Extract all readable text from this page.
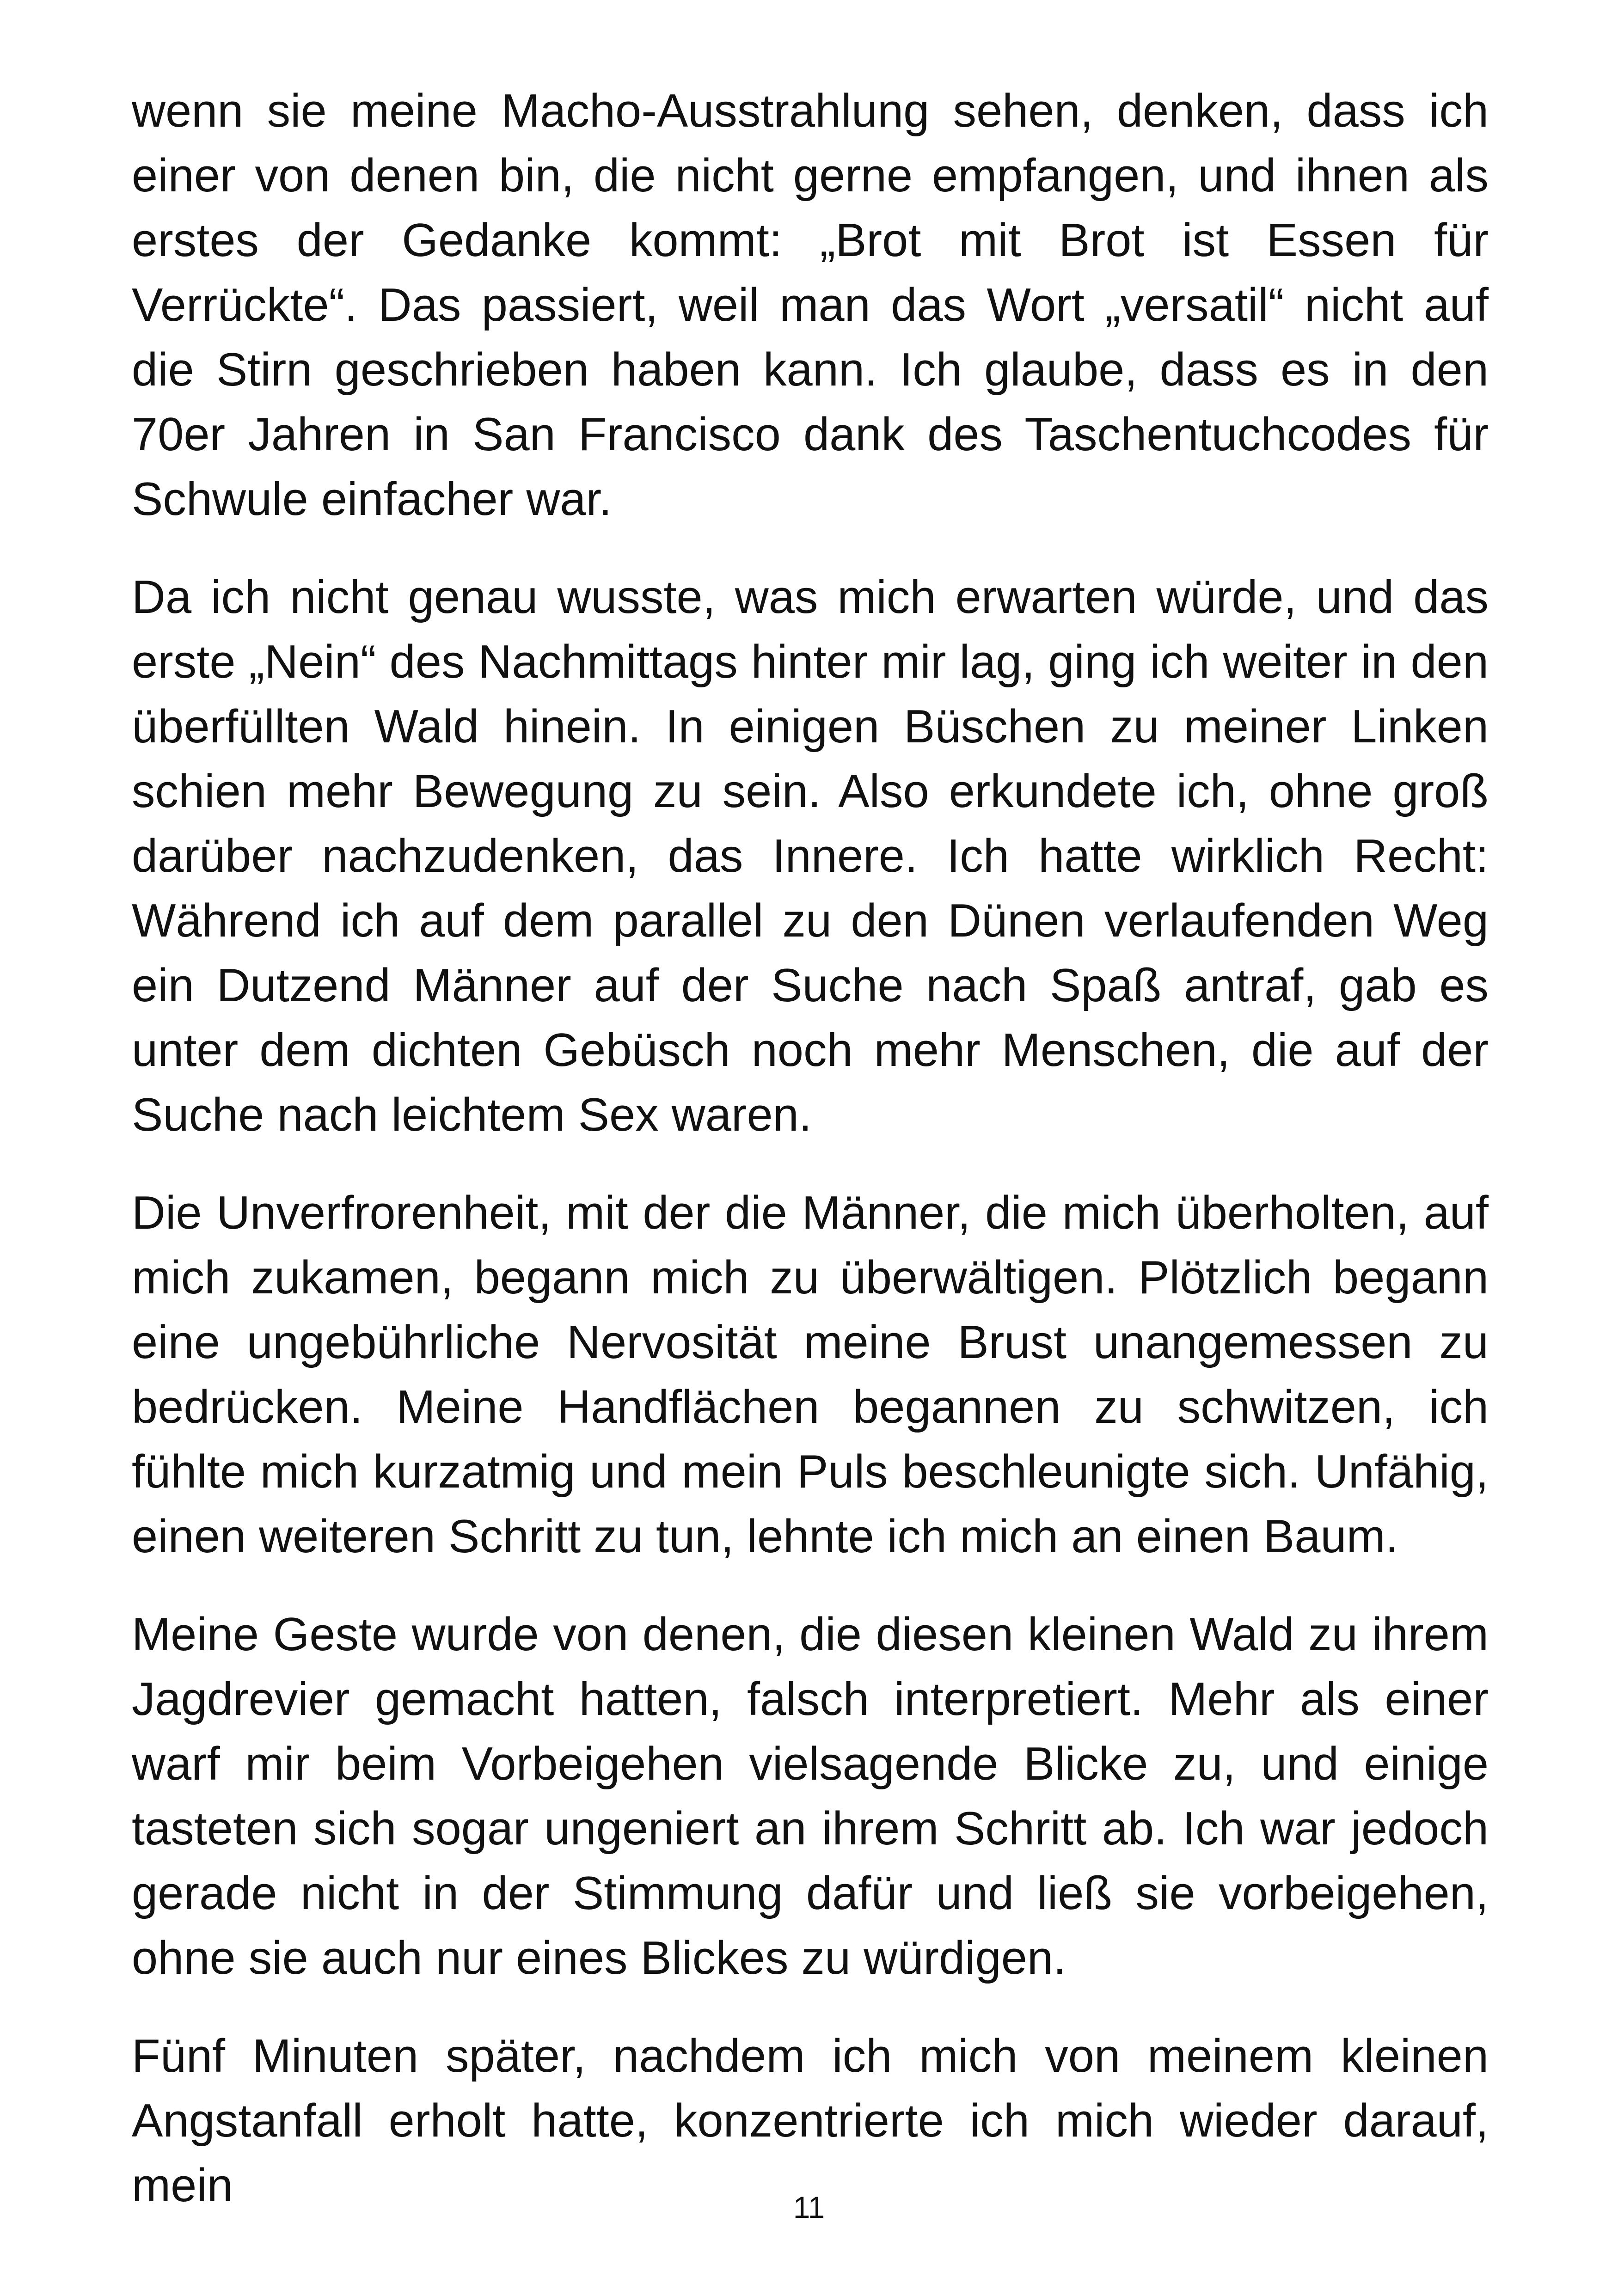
wenn sie meine Macho-Ausstrahlung sehen, denken, dass ich einer von denen bin, die nicht gerne empfangen, und ihnen als erstes der Gedanke kommt: „Brot mit Brot ist Essen für Verrückte“. Das passiert, weil man das Wort „versatil“ nicht auf die Stirn geschrieben haben kann. Ich glaube, dass es in den 70er Jahren in San Francisco dank des Taschentuchcodes für Schwule einfacher war.

Da ich nicht genau wusste, was mich erwarten würde, und das erste „Nein“ des Nachmittags hinter mir lag, ging ich weiter in den überfüllten Wald hinein. In einigen Büschen zu meiner Linken schien mehr Bewegung zu sein. Also erkundete ich, ohne groß darüber nachzudenken, das Innere. Ich hatte wirklich Recht: Während ich auf dem parallel zu den Dünen verlaufenden Weg ein Dutzend Männer auf der Suche nach Spaß antraf, gab es unter dem dichten Gebüsch noch mehr Menschen, die auf der Suche nach leichtem Sex waren.

Die Unverfrorenheit, mit der die Männer, die mich überholten, auf mich zukamen, begann mich zu überwältigen. Plötzlich begann eine ungebührliche Nervosität meine Brust unangemessen zu bedrücken. Meine Handflächen begannen zu schwitzen, ich fühlte mich kurzatmig und mein Puls beschleunigte sich. Unfähig, einen weiteren Schritt zu tun, lehnte ich mich an einen Baum.

Meine Geste wurde von denen, die diesen kleinen Wald zu ihrem Jagdrevier gemacht hatten, falsch interpretiert. Mehr als einer warf mir beim Vorbeigehen vielsagende Blicke zu, und einige tasteten sich sogar ungeniert an ihrem Schritt ab. Ich war jedoch gerade nicht in der Stimmung dafür und ließ sie vorbeigehen, ohne sie auch nur eines Blickes zu würdigen.

Fünf Minuten später, nachdem ich mich von meinem kleinen Angstanfall erholt hatte, konzentrierte ich mich wieder darauf, mein	11
